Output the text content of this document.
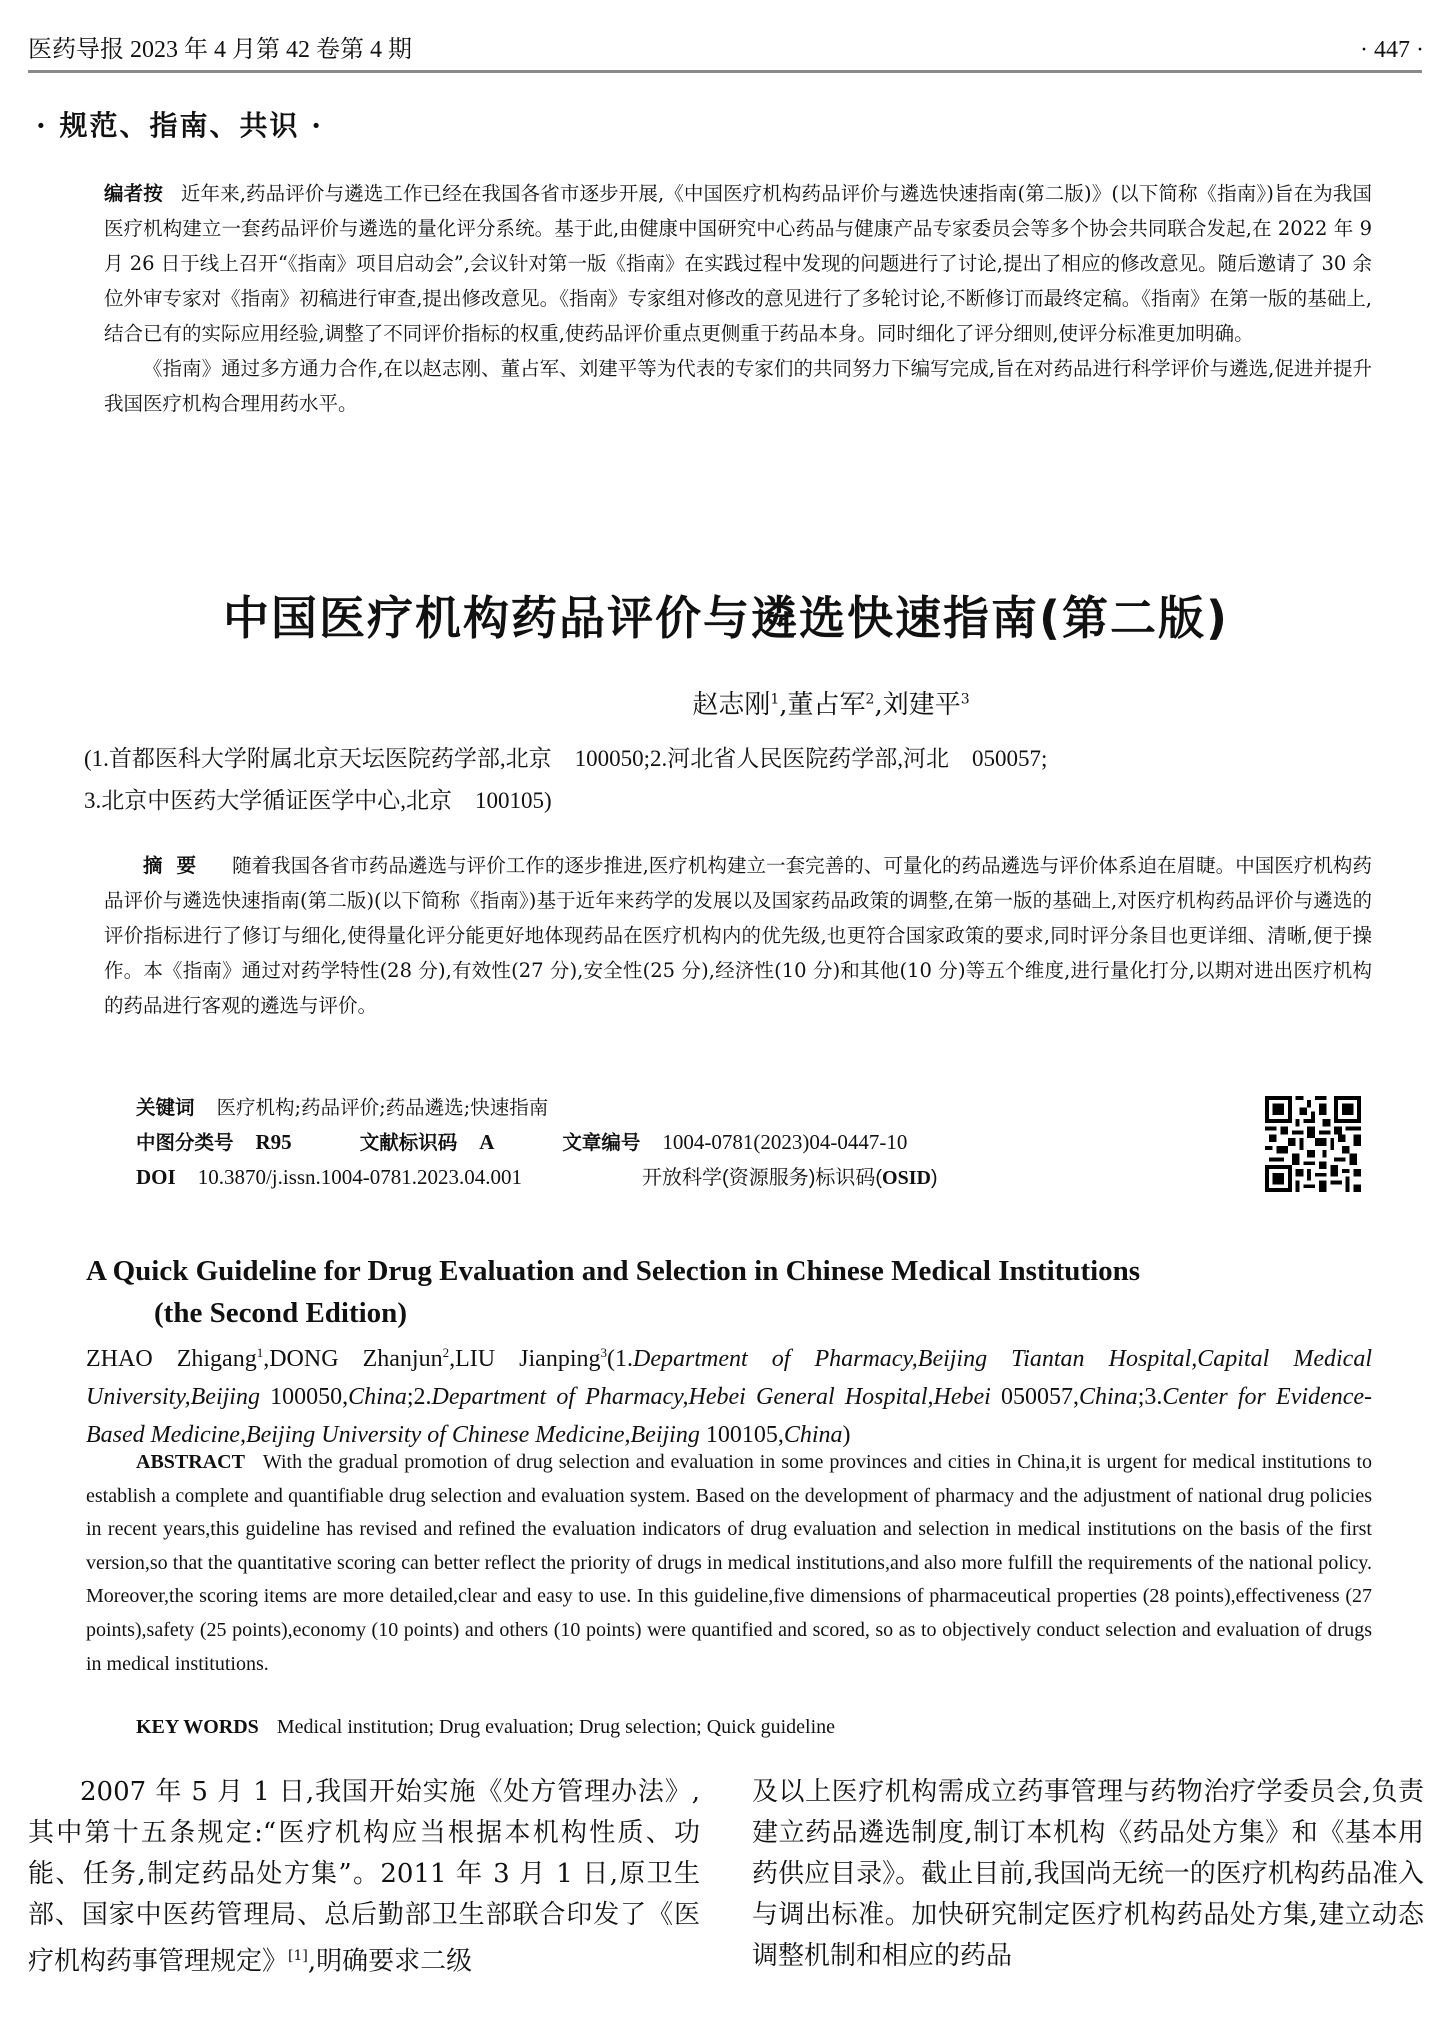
医药导报 2023 年 4 月第 42 卷第 4 期	· 447 ·
· 规范、指南、共识 ·

编者按 近年来,药品评价与遴选工作已经在我国各省市逐步开展,《中国医疗机构药品评价与遴选快速指南(第二版)》(以下简称《指南》)旨在为我国医疗机构建立一套药品评价与遴选的量化评分系统。基于此,由健康中国研究中心药品与健康产品专家委员会等多个协会共同联合发起,在 2022 年 9 月 26 日于线上召开“《指南》项目启动会”,会议针对第一版《指南》在实践过程中发现的问题进行了讨论,提出了相应的修改意见。随后邀请了 30 余位外审专家对《指南》初稿进行审查,提出修改意见。《指南》专家组对修改的意见进行了多轮讨论,不断修订而最终定稿。《指南》在第一版的基础上,结合已有的实际应用经验,调整了不同评价指标的权重,使药品评价重点更侧重于药品本身。同时细化了评分细则,使评分标准更加明确。

《指南》通过多方通力合作,在以赵志刚、董占军、刘建平等为代表的专家们的共同努力下编写完成,旨在对药品进行科学评价与遴选,促进并提升我国医疗机构合理用药水平。

中国医疗机构药品评价与遴选快速指南(第二版)
赵志刚$^1$,董占军$^2$,刘建平$^3$
(1.首都医科大学附属北京天坛医院药学部,北京　100050;2.河北省人民医院药学部,河北　050057;
3.北京中医药大学循证医学中心,北京　100105)
摘要 随着我国各省市药品遴选与评价工作的逐步推进,医疗机构建立一套完善的、可量化的药品遴选与评价体系迫在眉睫。中国医疗机构药品评价与遴选快速指南(第二版)(以下简称《指南》)基于近年来药学的发展以及国家药品政策的调整,在第一版的基础上,对医疗机构药品评价与遴选的评价指标进行了修订与细化,使得量化评分能更好地体现药品在医疗机构内的优先级,也更符合国家政策的要求,同时评分条目也更详细、清晰,便于操作。本《指南》通过对药学特性(28 分),有效性(27 分),安全性(25 分),经济性(10 分)和其他(10 分)等五个维度,进行量化打分,以期对进出医疗机构的药品进行客观的遴选与评价。
关键词 医疗机构;药品评价;药品遴选;快速指南
中图分类号 R95	文献标识码 A	文章编号 1004-0781(2023)04-0447-10
DOI 10.3870/j.issn.1004-0781.2023.04.001	开放科学(资源服务)标识码(OSID)
A Quick Guideline for Drug Evaluation and Selection in Chinese Medical Institutions
(the Second Edition)
ZHAO Zhigang$^1$,DONG Zhanjun$^2$,LIU Jianping$^3$(1.Department of Pharmacy,Beijing Tiantan Hospital,Capital Medical University,Beijing 100050,China;2.Department of Pharmacy,Hebei General Hospital,Hebei 050057,China;3.Center for Evidence-Based Medicine,Beijing University of Chinese Medicine,Beijing 100105,China)
ABSTRACT With the gradual promotion of drug selection and evaluation in some provinces and cities in China,it is urgent for medical institutions to establish a complete and quantifiable drug selection and evaluation system. Based on the development of pharmacy and the adjustment of national drug policies in recent years,this guideline has revised and refined the evaluation indicators of drug evaluation and selection in medical institutions on the basis of the first version,so that the quantitative scoring can better reflect the priority of drugs in medical institutions,and also more fulfill the requirements of the national policy. Moreover,the scoring items are more detailed,clear and easy to use. In this guideline,five dimensions of pharmaceutical properties (28 points),effectiveness (27 points),safety (25 points),economy (10 points) and others (10 points) were quantified and scored, so as to objectively conduct selection and evaluation of drugs in medical institutions.
KEY WORDS Medical institution; Drug evaluation; Drug selection; Quick guideline

2007 年 5 月 1 日,我国开始实施《处方管理办法》,其中第十五条规定:“医疗机构应当根据本机构性质、功能、任务,制定药品处方集”。2011 年 3 月 1 日,原卫生部、国家中医药管理局、总后勤部卫生部联合印发了《医疗机构药事管理规定》[1],明确要求二级

及以上医疗机构需成立药事管理与药物治疗学委员会,负责建立药品遴选制度,制订本机构《药品处方集》和《基本用药供应目录》。截止目前,我国尚无统一的医疗机构药品准入与调出标准。加快研究制定医疗机构药品处方集,建立动态调整机制和相应的药品
